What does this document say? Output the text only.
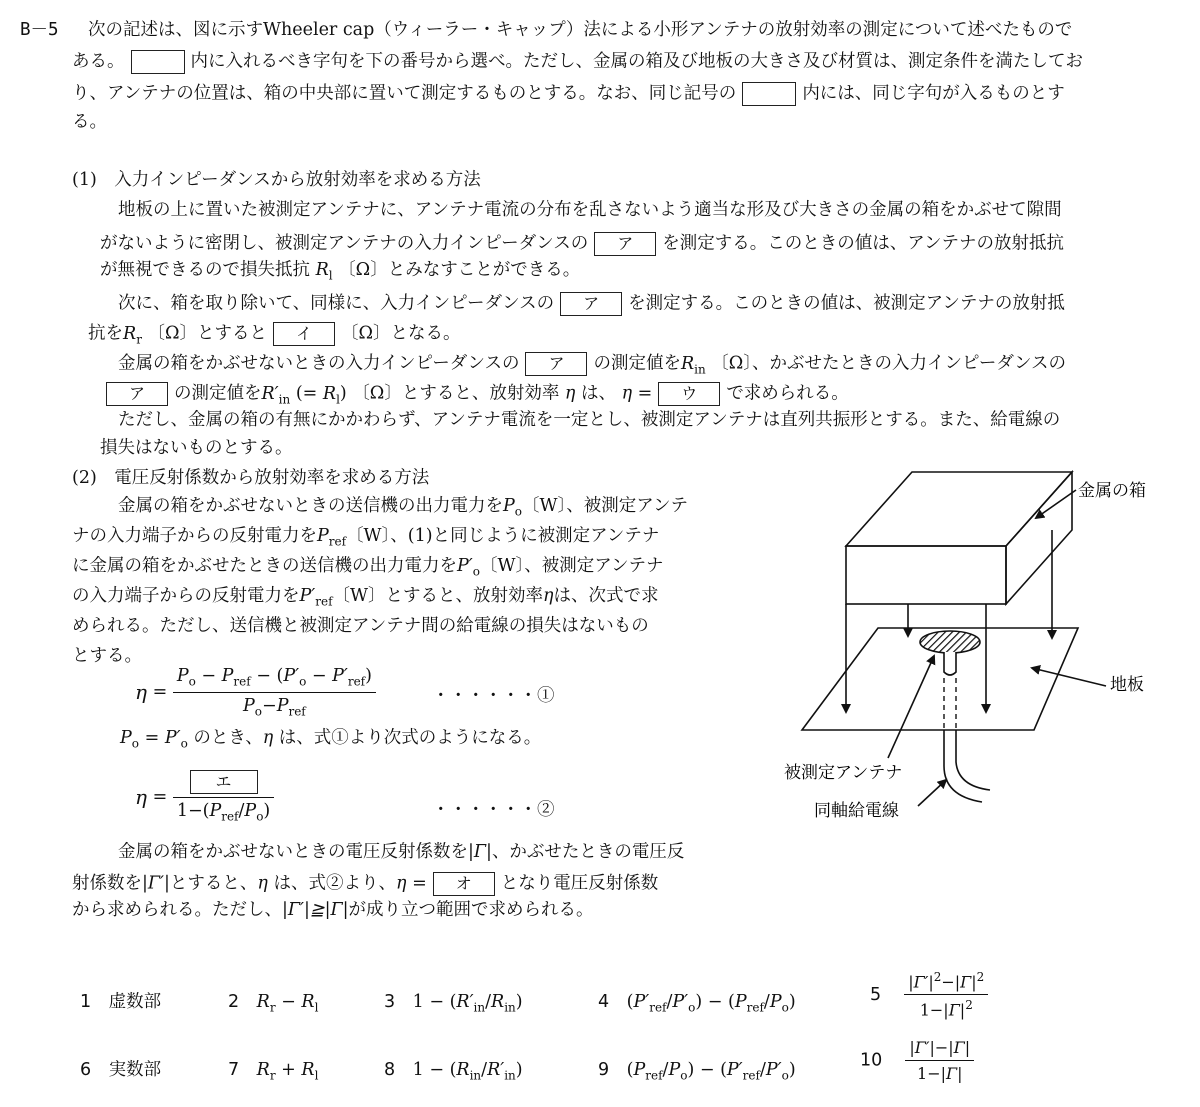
B－5 次の記述は、図に示すWheeler cap（ウィーラー・キャップ）法による小形アンテナの放射効率の測定について述べたもので
ある。	内に入れるべき字句を下の番号から選べ。ただし、金属の箱及び地板の大きさ及び材質は、測定条件を満たしてお
り、アンテナの位置は、箱の中央部に置いて測定するものとする。なお、同じ記号の	内には、同じ字句が入るものとす
る。
(1)　入力インピーダンスから放射効率を求める方法
地板の上に置いた被測定アンテナに、アンテナ電流の分布を乱さないよう適当な形及び大きさの金属の箱をかぶせて隙間
がないように密閉し、被測定アンテナの入力インピーダンスの ア を測定する。このときの値は、アンテナの放射抵抗
が無視できるので損失抵抗 $R_l$ 〔Ω〕とみなすことができる。
次に、箱を取り除いて、同様に、入力インピーダンスの ア を測定する。このときの値は、被測定アンテナの放射抵
抗を$R_r$ 〔Ω〕とすると イ 〔Ω〕となる。
金属の箱をかぶせないときの入力インピーダンスの ア の測定値を$R_{in}$ 〔Ω〕、かぶせたときの入力インピーダンスの
ア の測定値を$R'_{in}$ (= $R_l$) 〔Ω〕とすると、放射効率 η は、 η = ウ で求められる。
ただし、金属の箱の有無にかかわらず、アンテナ電流を一定とし、被測定アンテナは直列共振形とする。また、給電線の
損失はないものとする。
(2)　電圧反射係数から放射効率を求める方法
金属の箱をかぶせないときの送信機の出力電力を$P_o$〔W〕、被測定アンテ
ナの入力端子からの反射電力を$P_{ref}$〔W〕、(1)と同じように被測定アンテナ
に金属の箱をかぶせたときの送信機の出力電力を$P'_o$〔W〕、被測定アンテナ
の入力端子からの反射電力を$P'_{ref}$〔W〕とすると、放射効率ηは、次式で求
められる。ただし、送信機と被測定アンテナ間の給電線の損失はないもの
とする。
$\eta = \frac{P_o - P_{ref} - (P'_o - P'_{ref})}{P_o-P_{ref}}$	・・・・・・①
$P_o = P'_o$ のとき、η は、式①より次式のようになる。
$\eta = \frac{\text{エ}}{1-(P_{ref}/P_o)}$	・・・・・・②
金属の箱をかぶせないときの電圧反射係数を|Γ|、かぶせたときの電圧反
射係数を|Γ′|とすると、η は、式②より、η = オ となり電圧反射係数
から求められる。ただし、|Γ′|≧|Γ|が成り立つ範囲で求められる。
金属の箱
地板
被測定アンテナ
同軸給電線
1　 虚数部	2　 $R_r - R_l$	3　 $1 - (R'_{in}/R_{in})$	4　 $(P'_{ref}/P'_o) - (P_{ref}/P_o)$	5　 $\frac{|\Gamma'|^2-|\Gamma|^2}{1-|\Gamma|^2}$
6　 実数部	7　 $R_r + R_l$	8　 $1 - (R_{in}/R'_{in})$	9　 $(P_{ref}/P_o) - (P'_{ref}/P'_o)$	10　 $\frac{|\Gamma'|-|\Gamma|}{1-|\Gamma|}$
